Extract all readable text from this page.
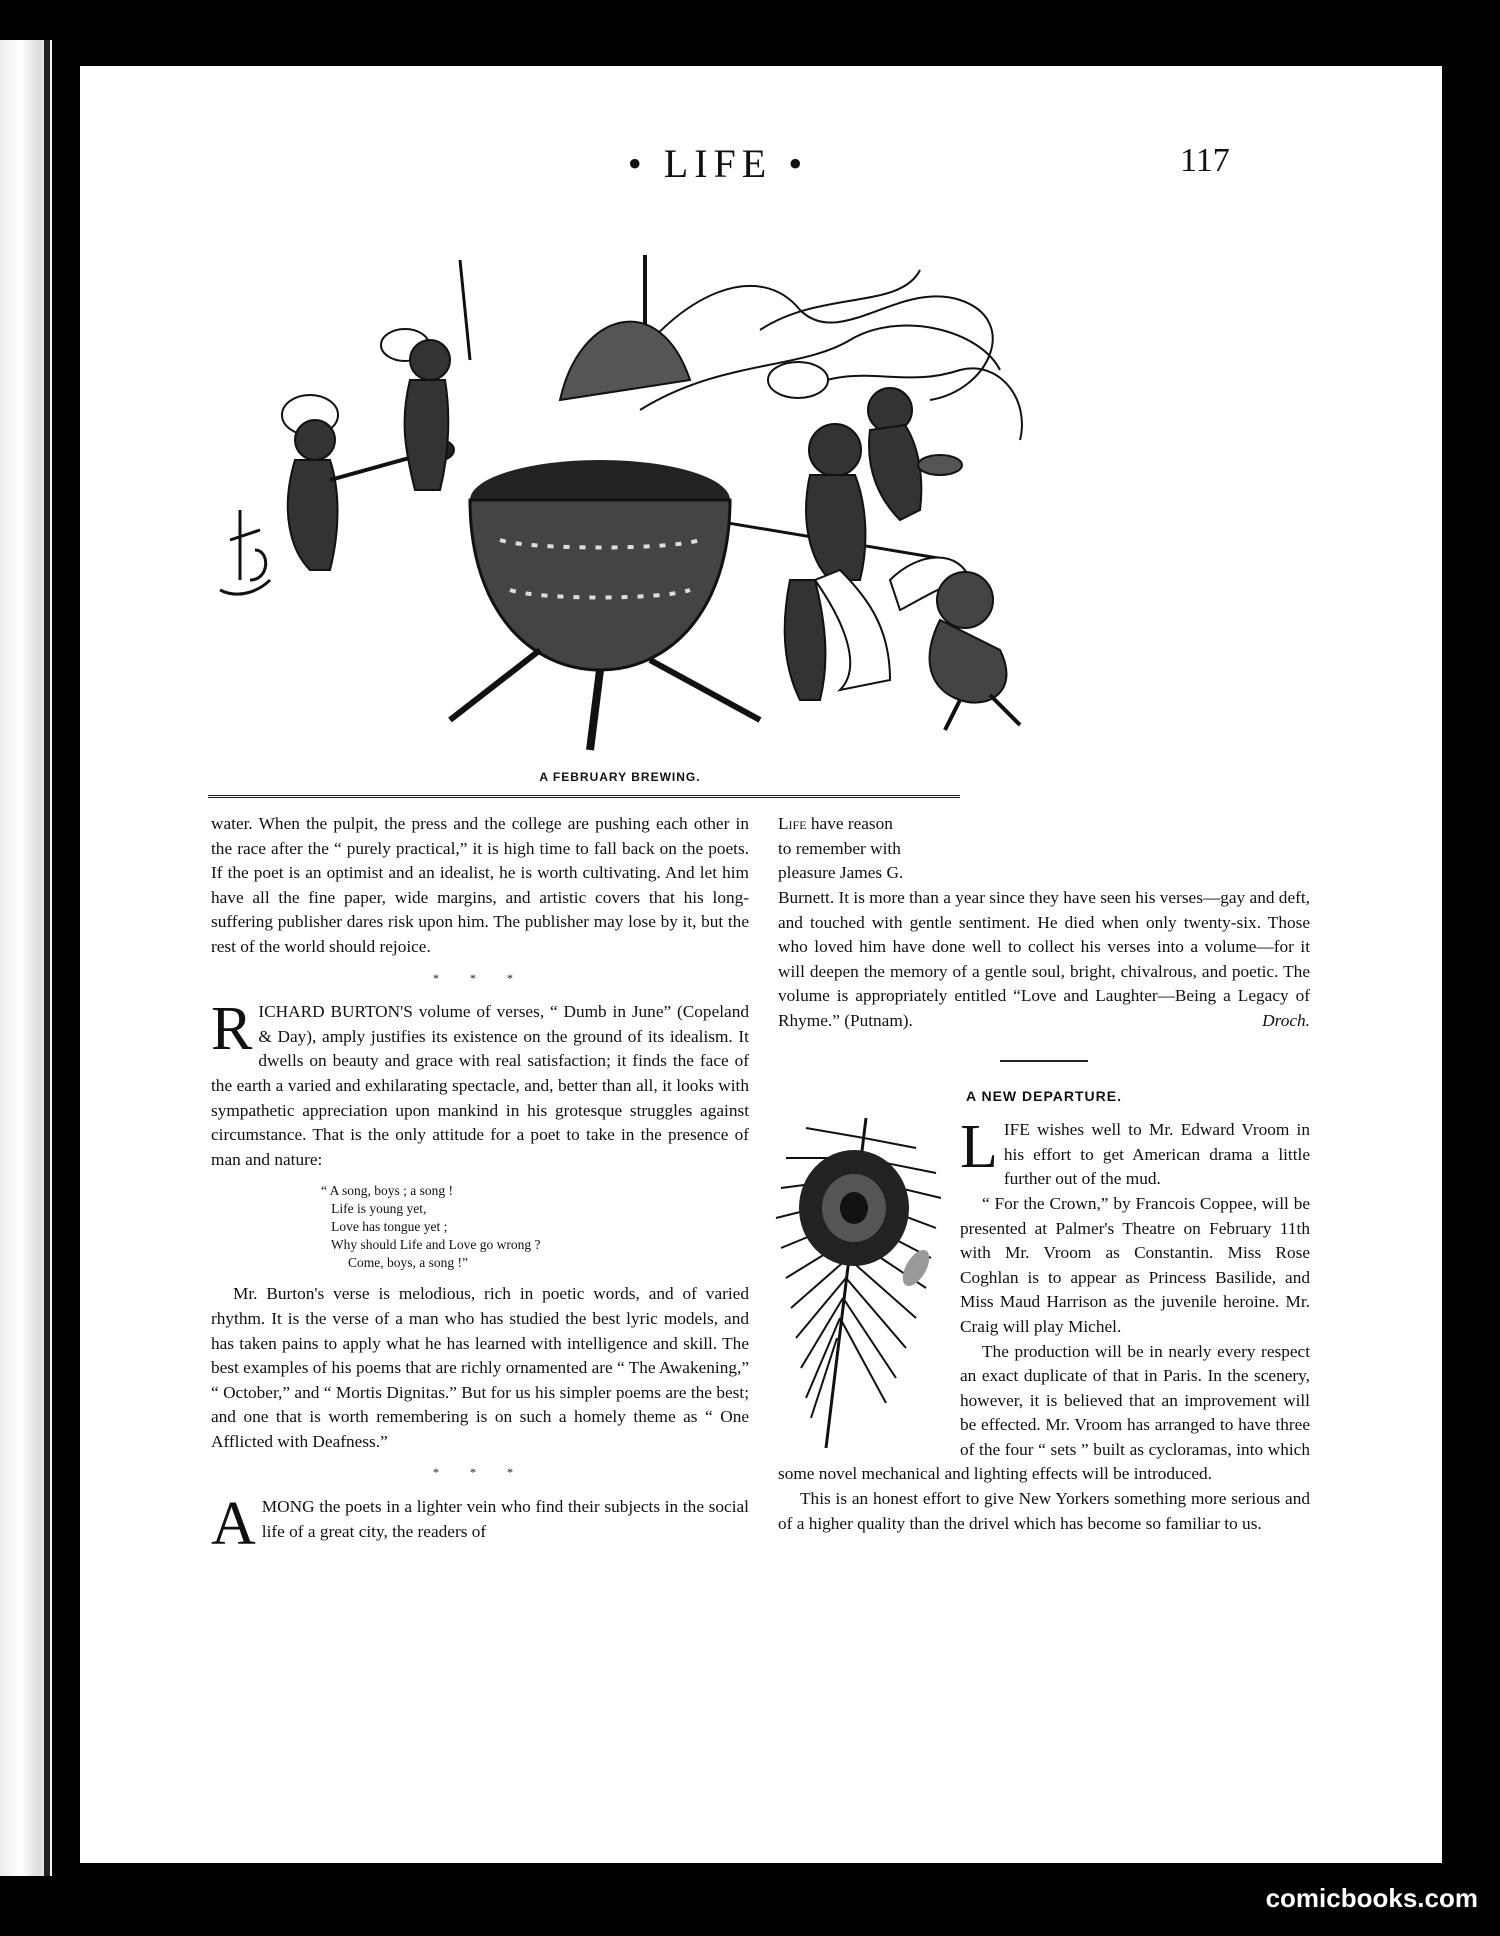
• LIFE •	117
A FEBRUARY BREWING.

water. When the pulpit, the press and the college are pushing each other in the race after the “ purely practical,” it is high time to fall back on the poets. If the poet is an optimist and an idealist, he is worth cultivating. And let him have all the fine paper, wide margins, and artistic covers that his long-suffering publisher dares risk upon him. The publisher may lose by it, but the rest of the world should rejoice.

* * *

RICHARD BURTON'S volume of verses, “ Dumb in June” (Copeland & Day), amply justifies its existence on the ground of its idealism. It dwells on beauty and grace with real satisfaction; it finds the face of the earth a varied and exhilarating spectacle, and, better than all, it looks with sympathetic appreciation upon mankind in his grotesque struggles against circumstance. That is the only attitude for a poet to take in the presence of man and nature:

“ A song, boys ; a song !
Life is young yet,
Love has tongue yet ;
Why should Life and Love go wrong ?
Come, boys, a song !”

Mr. Burton's verse is melodious, rich in poetic words, and of varied rhythm. It is the verse of a man who has studied the best lyric models, and has taken pains to apply what he has learned with intelligence and skill. The best examples of his poems that are richly ornamented are “ The Awakening,” “ October,” and “ Mortis Dignitas.” But for us his simpler poems are the best; and one that is worth remembering is on such a homely theme as “ One Afflicted with Deafness.”

* * *

AMONG the poets in a lighter vein who find their subjects in the social life of a great city, the readers of

Life have reason
to remember with
pleasure James G.

Burnett. It is more than a year since they have seen his verses—gay and deft, and touched with gentle sentiment. He died when only twenty-six. Those who loved him have done well to collect his verses into a volume—for it will deepen the memory of a gentle soul, bright, chivalrous, and poetic. The volume is appropriately entitled “Love and Laughter—Being a Legacy of Rhyme.” (Putnam).	Droch.

A NEW DEPARTURE.

LIFE wishes well to Mr. Edward Vroom in his effort to get American drama a little further out of the mud.

“ For the Crown,” by Francois Coppee, will be presented at Palmer's Theatre on February 11th with Mr. Vroom as Constantin. Miss Rose Coghlan is to appear as Princess Basilide, and Miss Maud Harrison as the juvenile heroine. Mr. Craig will play Michel.

The production will be in nearly every respect an exact duplicate of that in Paris. In the scenery, however, it is believed that an improvement will be effected. Mr. Vroom has arranged to have three of the four “ sets ” built as cycloramas, into which some novel mechanical and lighting effects will be introduced.

This is an honest effort to give New Yorkers something more serious and of a higher quality than the drivel which has become so familiar to us.

comicbooks.com
